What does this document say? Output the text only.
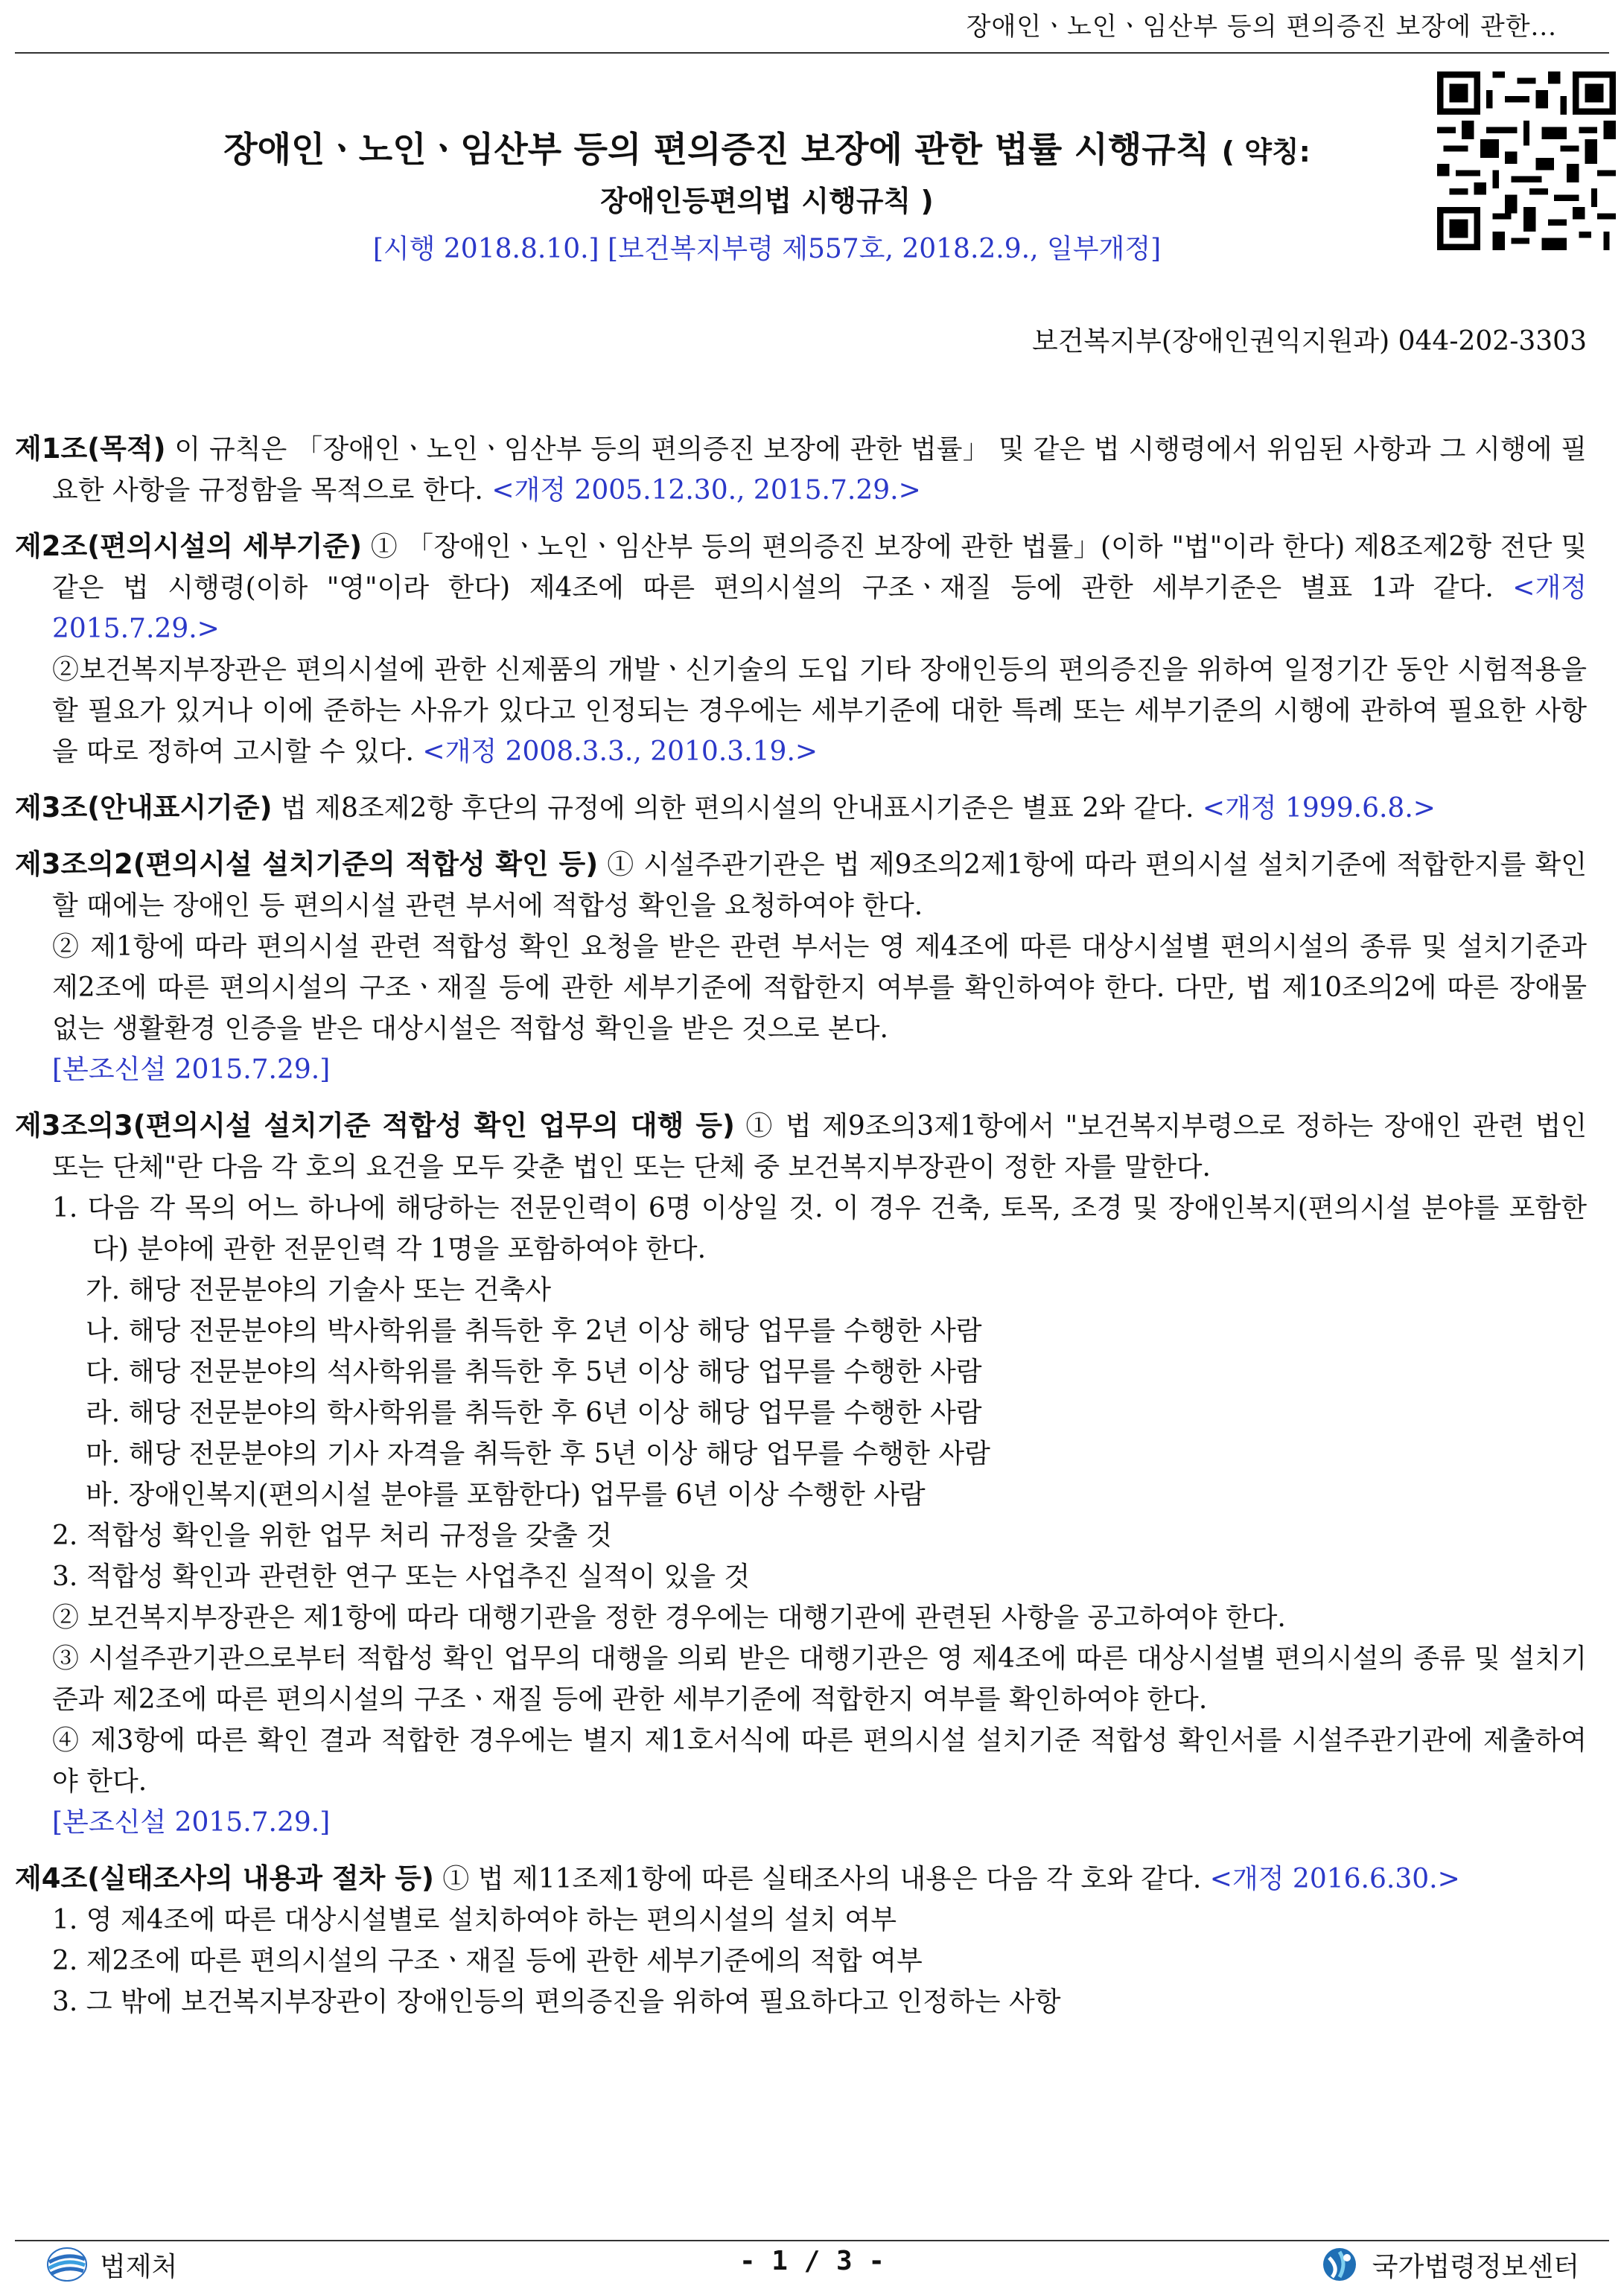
장애인ㆍ노인ㆍ임산부 등의 편의증진 보장에 관한...
장애인ㆍ노인ㆍ임산부 등의 편의증진 보장에 관한 법률 시행규칙 ( 약칭:
장애인등편의법 시행규칙 )
[시행 2018.8.10.] [보건복지부령 제557호, 2018.2.9., 일부개정]
보건복지부(장애인권익지원과) 044-202-3303

제1조(목적) 이 규칙은 「장애인ㆍ노인ㆍ임산부 등의 편의증진 보장에 관한 법률」 및 같은 법 시행령에서 위임된 사항과 그 시행에 필요한 사항을 규정함을 목적으로 한다. <개정 2005.12.30., 2015.7.29.>

제2조(편의시설의 세부기준) ① 「장애인ㆍ노인ㆍ임산부 등의 편의증진 보장에 관한 법률」(이하 "법"이라 한다) 제8조제2항 전단 및 같은 법 시행령(이하 "영"이라 한다) 제4조에 따른 편의시설의 구조ㆍ재질 등에 관한 세부기준은 별표 1과 같다. <개정 2015.7.29.>

②보건복지부장관은 편의시설에 관한 신제품의 개발ㆍ신기술의 도입 기타 장애인등의 편의증진을 위하여 일정기간 동안 시험적용을 할 필요가 있거나 이에 준하는 사유가 있다고 인정되는 경우에는 세부기준에 대한 특례 또는 세부기준의 시행에 관하여 필요한 사항을 따로 정하여 고시할 수 있다. <개정 2008.3.3., 2010.3.19.>

제3조(안내표시기준) 법 제8조제2항 후단의 규정에 의한 편의시설의 안내표시기준은 별표 2와 같다. <개정 1999.6.8.>

제3조의2(편의시설 설치기준의 적합성 확인 등) ① 시설주관기관은 법 제9조의2제1항에 따라 편의시설 설치기준에 적합한지를 확인할 때에는 장애인 등 편의시설 관련 부서에 적합성 확인을 요청하여야 한다.

② 제1항에 따라 편의시설 관련 적합성 확인 요청을 받은 관련 부서는 영 제4조에 따른 대상시설별 편의시설의 종류 및 설치기준과 제2조에 따른 편의시설의 구조ㆍ재질 등에 관한 세부기준에 적합한지 여부를 확인하여야 한다. 다만, 법 제10조의2에 따른 장애물 없는 생활환경 인증을 받은 대상시설은 적합성 확인을 받은 것으로 본다.

[본조신설 2015.7.29.]

제3조의3(편의시설 설치기준 적합성 확인 업무의 대행 등) ① 법 제9조의3제1항에서 "보건복지부령으로 정하는 장애인 관련 법인 또는 단체"란 다음 각 호의 요건을 모두 갖춘 법인 또는 단체 중 보건복지부장관이 정한 자를 말한다.

1. 다음 각 목의 어느 하나에 해당하는 전문인력이 6명 이상일 것. 이 경우 건축, 토목, 조경 및 장애인복지(편의시설 분야를 포함한다) 분야에 관한 전문인력 각 1명을 포함하여야 한다.

가. 해당 전문분야의 기술사 또는 건축사

나. 해당 전문분야의 박사학위를 취득한 후 2년 이상 해당 업무를 수행한 사람

다. 해당 전문분야의 석사학위를 취득한 후 5년 이상 해당 업무를 수행한 사람

라. 해당 전문분야의 학사학위를 취득한 후 6년 이상 해당 업무를 수행한 사람

마. 해당 전문분야의 기사 자격을 취득한 후 5년 이상 해당 업무를 수행한 사람

바. 장애인복지(편의시설 분야를 포함한다) 업무를 6년 이상 수행한 사람

2. 적합성 확인을 위한 업무 처리 규정을 갖출 것

3. 적합성 확인과 관련한 연구 또는 사업추진 실적이 있을 것

② 보건복지부장관은 제1항에 따라 대행기관을 정한 경우에는 대행기관에 관련된 사항을 공고하여야 한다.

③ 시설주관기관으로부터 적합성 확인 업무의 대행을 의뢰 받은 대행기관은 영 제4조에 따른 대상시설별 편의시설의 종류 및 설치기준과 제2조에 따른 편의시설의 구조ㆍ재질 등에 관한 세부기준에 적합한지 여부를 확인하여야 한다.

④ 제3항에 따른 확인 결과 적합한 경우에는 별지 제1호서식에 따른 편의시설 설치기준 적합성 확인서를 시설주관기관에 제출하여야 한다.

[본조신설 2015.7.29.]

제4조(실태조사의 내용과 절차 등) ① 법 제11조제1항에 따른 실태조사의 내용은 다음 각 호와 같다. <개정 2016.6.30.>

1. 영 제4조에 따른 대상시설별로 설치하여야 하는 편의시설의 설치 여부

2. 제2조에 따른 편의시설의 구조ㆍ재질 등에 관한 세부기준에의 적합 여부

3. 그 밖에 보건복지부장관이 장애인등의 편의증진을 위하여 필요하다고 인정하는 사항

법제처	- 1 / 3 -	국가법령정보센터
